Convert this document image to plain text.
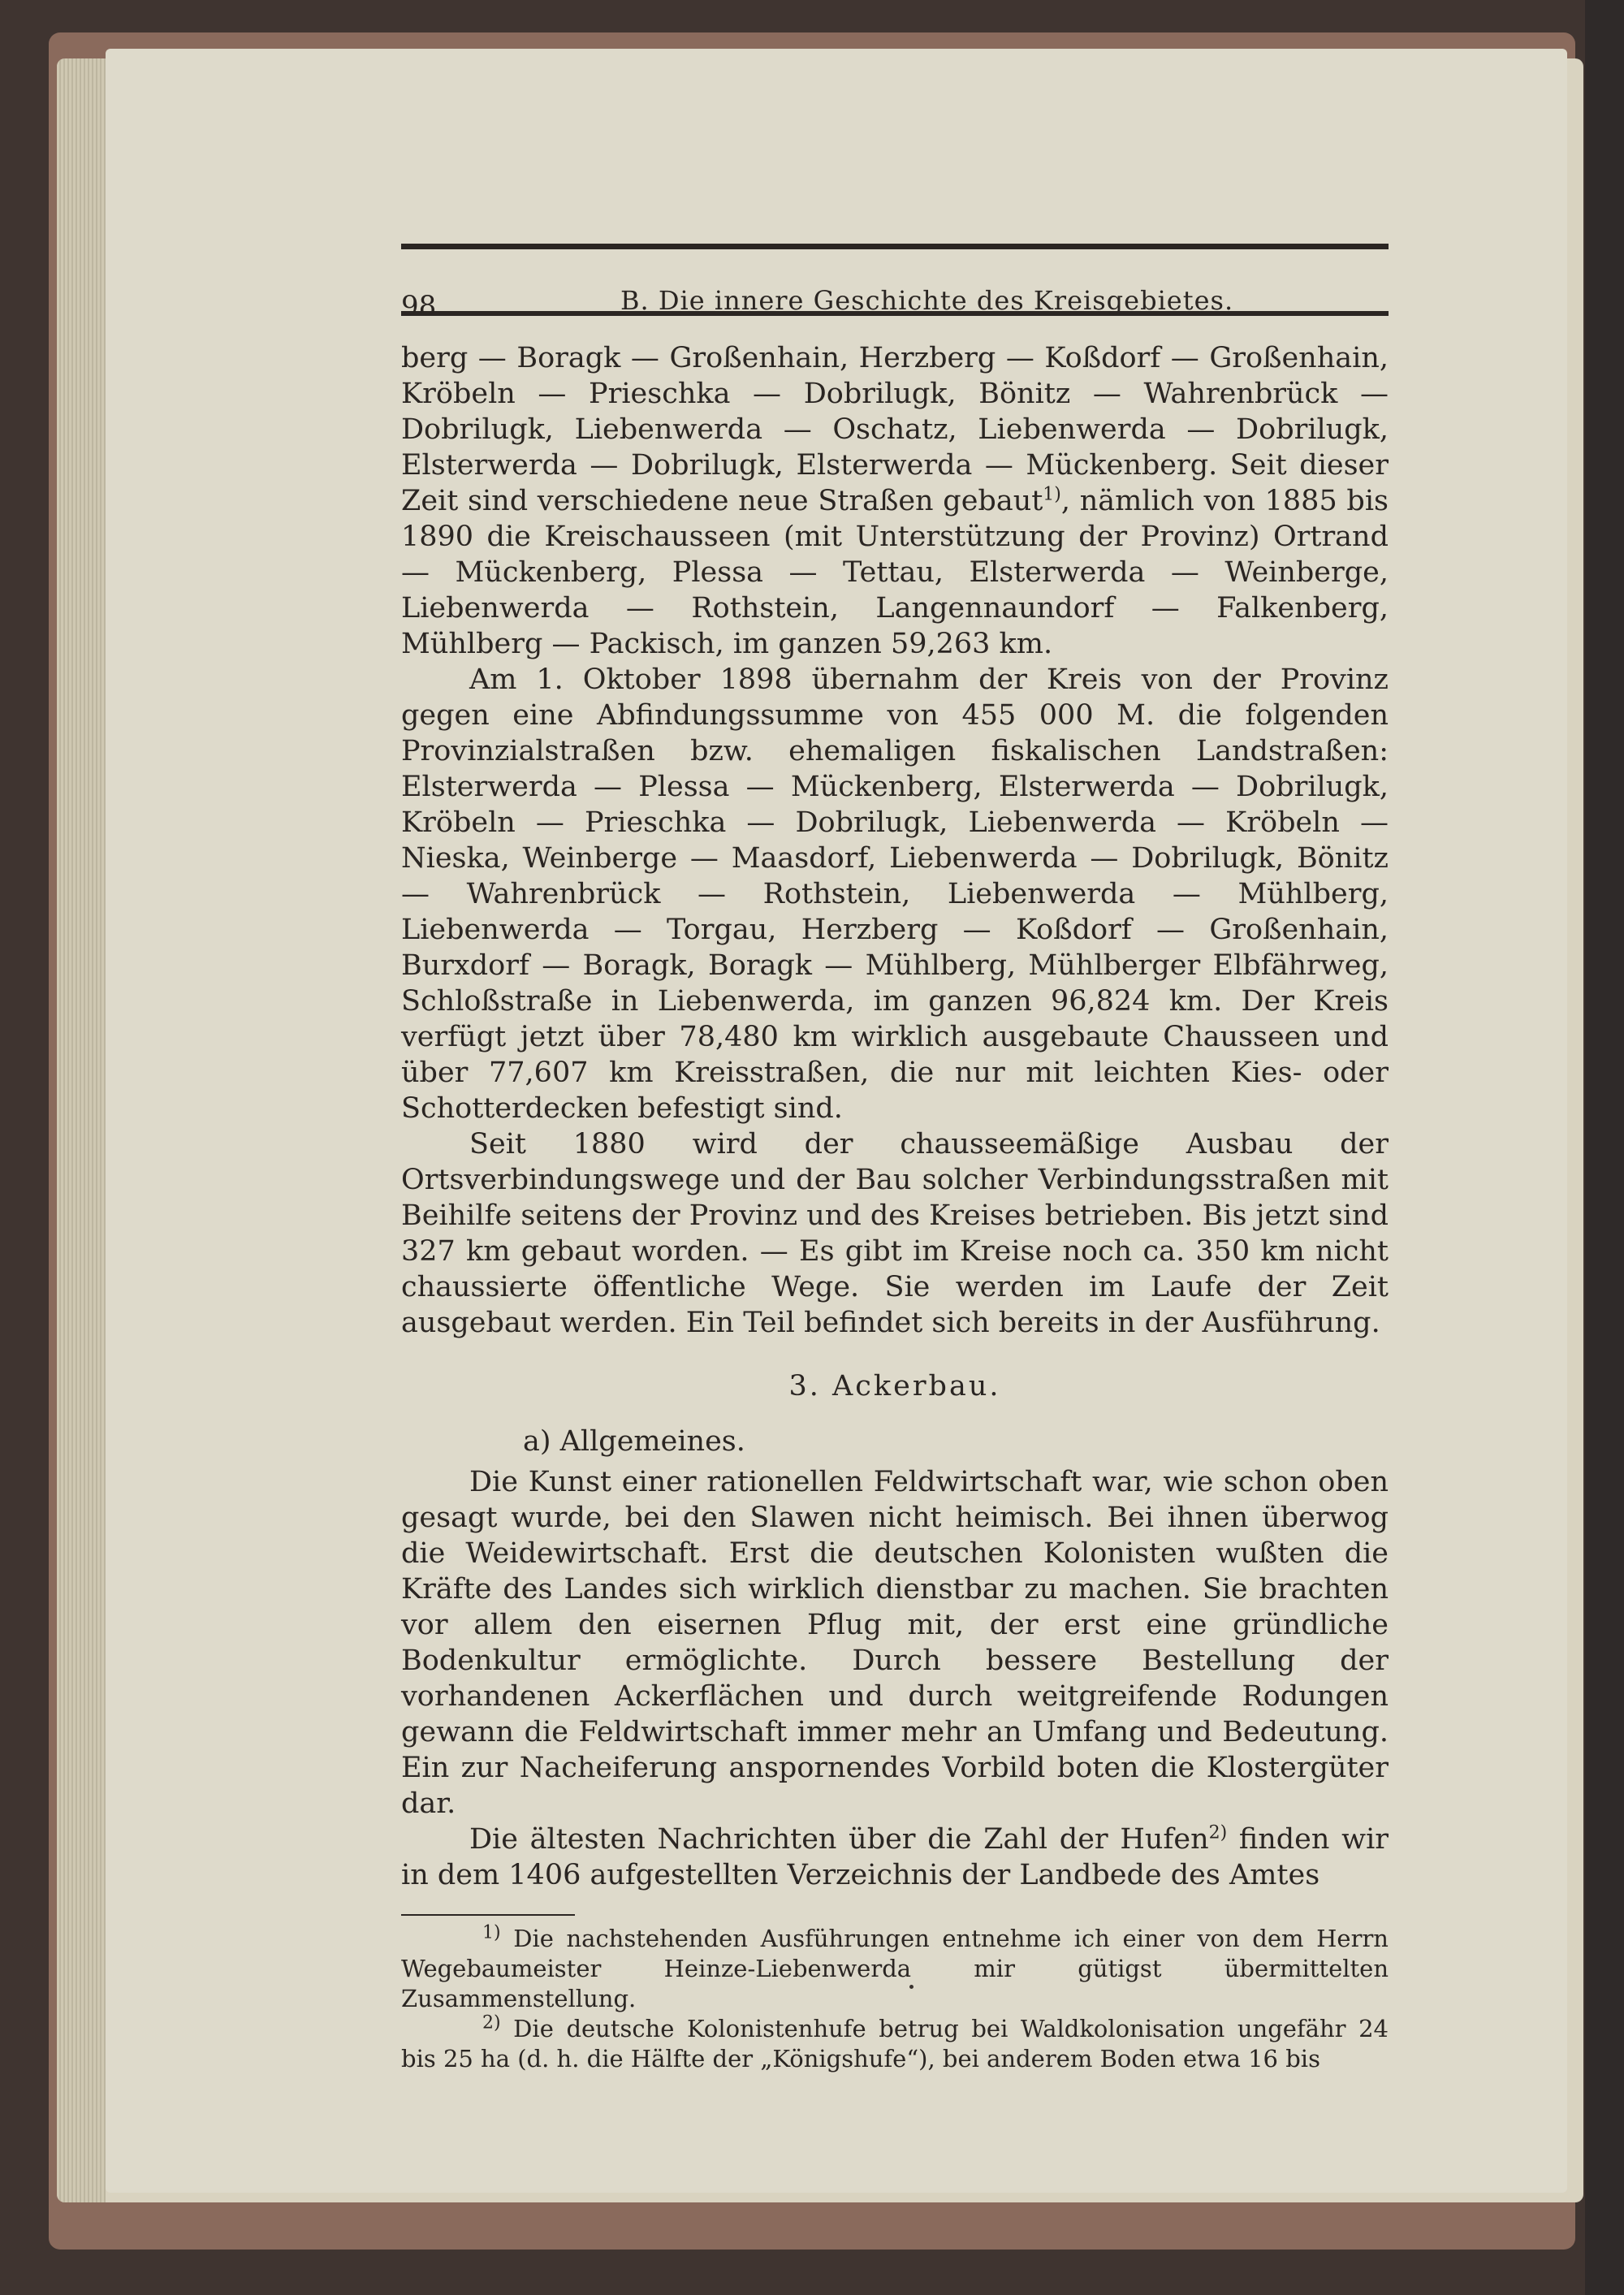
98	B. Die innere Geschichte des Kreisgebietes.

berg — Boragk — Großenhain, Herzberg — Koßdorf — Großenhain, Kröbeln — Prieschka — Dobrilugk, Bönitz — Wahrenbrück — Dobrilugk, Liebenwerda — Oschatz, Liebenwerda — Dobrilugk, Elsterwerda — Dobrilugk, Elsterwerda — Mückenberg. Seit dieser Zeit sind verschiedene neue Straßen gebaut$^{1)}$, nämlich von 1885 bis 1890 die Kreischausseen (mit Unterstützung der Provinz) Ortrand — Mückenberg, Plessa — Tettau, Elsterwerda — Weinberge, Liebenwerda — Rothstein, Langennaundorf — Falkenberg, Mühlberg — Packisch, im ganzen 59,263 km.

Am 1. Oktober 1898 übernahm der Kreis von der Provinz gegen eine Abfindungssumme von 455 000 M. die folgenden Provinzialstraßen bzw. ehemaligen fiskalischen Landstraßen: Elsterwerda — Plessa — Mückenberg, Elsterwerda — Dobrilugk, Kröbeln — Prieschka — Dobrilugk, Liebenwerda — Kröbeln — Nieska, Weinberge — Maasdorf, Liebenwerda — Dobrilugk, Bönitz — Wahrenbrück — Rothstein, Liebenwerda — Mühlberg, Liebenwerda — Torgau, Herzberg — Koßdorf — Großenhain, Burxdorf — Boragk, Boragk — Mühlberg, Mühlberger Elbfährweg, Schloßstraße in Liebenwerda, im ganzen 96,824 km. Der Kreis verfügt jetzt über 78,480 km wirklich ausgebaute Chausseen und über 77,607 km Kreisstraßen, die nur mit leichten Kies- oder Schotterdecken befestigt sind.

Seit 1880 wird der chausseemäßige Ausbau der Ortsverbindungswege und der Bau solcher Verbindungsstraßen mit Beihilfe seitens der Provinz und des Kreises betrieben. Bis jetzt sind 327 km gebaut worden. — Es gibt im Kreise noch ca. 350 km nicht chaussierte öffentliche Wege. Sie werden im Laufe der Zeit ausgebaut werden. Ein Teil befindet sich bereits in der Ausführung.

3. Ackerbau.
a) Allgemeines.

Die Kunst einer rationellen Feldwirtschaft war, wie schon oben gesagt wurde, bei den Slawen nicht heimisch. Bei ihnen überwog die Weidewirtschaft. Erst die deutschen Kolonisten wußten die Kräfte des Landes sich wirklich dienstbar zu machen. Sie brachten vor allem den eisernen Pflug mit, der erst eine gründliche Bodenkultur ermöglichte. Durch bessere Bestellung der vorhandenen Ackerflächen und durch weitgreifende Rodungen gewann die Feldwirtschaft immer mehr an Umfang und Bedeutung. Ein zur Nacheiferung anspornendes Vorbild boten die Klostergüter dar.

Die ältesten Nachrichten über die Zahl der Hufen$^{2)}$ finden wir in dem 1406 aufgestellten Verzeichnis der Landbede des Amtes

$^{1)}$ Die nachstehenden Ausführungen entnehme ich einer von dem Herrn Wegebaumeister Heinze-Liebenwerda mir gütigst übermittelten Zusammenstellung.

$^{2)}$ Die deutsche Kolonistenhufe betrug bei Waldkolonisation ungefähr 24 bis 25 ha (d. h. die Hälfte der „Königshufe“), bei anderem Boden etwa 16 bis
